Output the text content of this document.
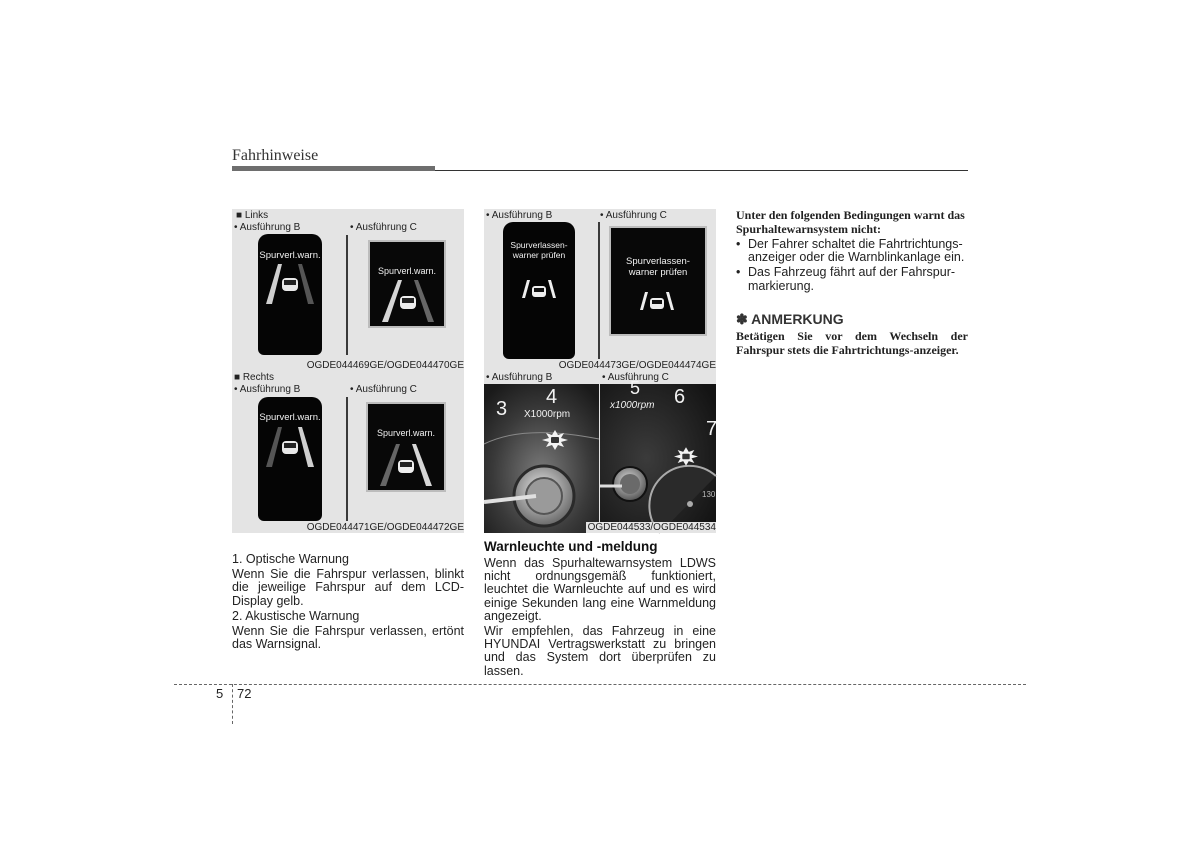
Fahrhinweise
■ Links
• Ausführung B	• Ausführung C
Spurverl.warn.
Spurverl.warn.
OGDE044469GE/OGDE044470GE
■ Rechts
• Ausführung B	• Ausführung C
Spurverl.warn.
Spurverl.warn.
OGDE044471GE/OGDE044472GE
• Ausführung B	• Ausführung C
Spurverlassen-
warner prüfen
Spurverlassen-
warner prüfen
OGDE044473GE/OGDE044474GE
• Ausführung B	• Ausführung C
3
4
X1000rpm
5 6
7
x1000rpm
130
OGDE044533/OGDE044534
1. Optische Warnung
Wenn Sie die Fahrspur verlassen, blinkt die jeweilige Fahrspur auf dem LCD-Display gelb.
2. Akustische Warnung
Wenn Sie die Fahrspur verlassen, ertönt das Warnsignal.
Warnleuchte und -meldung
Wenn das Spurhaltewarnsystem LDWS nicht ordnungsgemäß funktioniert, leuchtet die Warnleuchte auf und es wird einige Sekunden lang eine Warnmeldung angezeigt.
Wir empfehlen, das Fahrzeug in eine HYUNDAI Vertragswerkstatt zu bringen und das System dort überprüfen zu lassen.
Unter den folgenden Bedingungen warnt das Spurhaltewarnsystem nicht:
• Der Fahrer schaltet die Fahrtrichtungs-anzeiger oder die Warnblinkanlage ein.
• Das Fahrzeug fährt auf der Fahrspur-markierung.
✽ ANMERKUNG
Betätigen Sie vor dem Wechseln der Fahrspur stets die Fahrtrichtungs-anzeiger.
5 72
